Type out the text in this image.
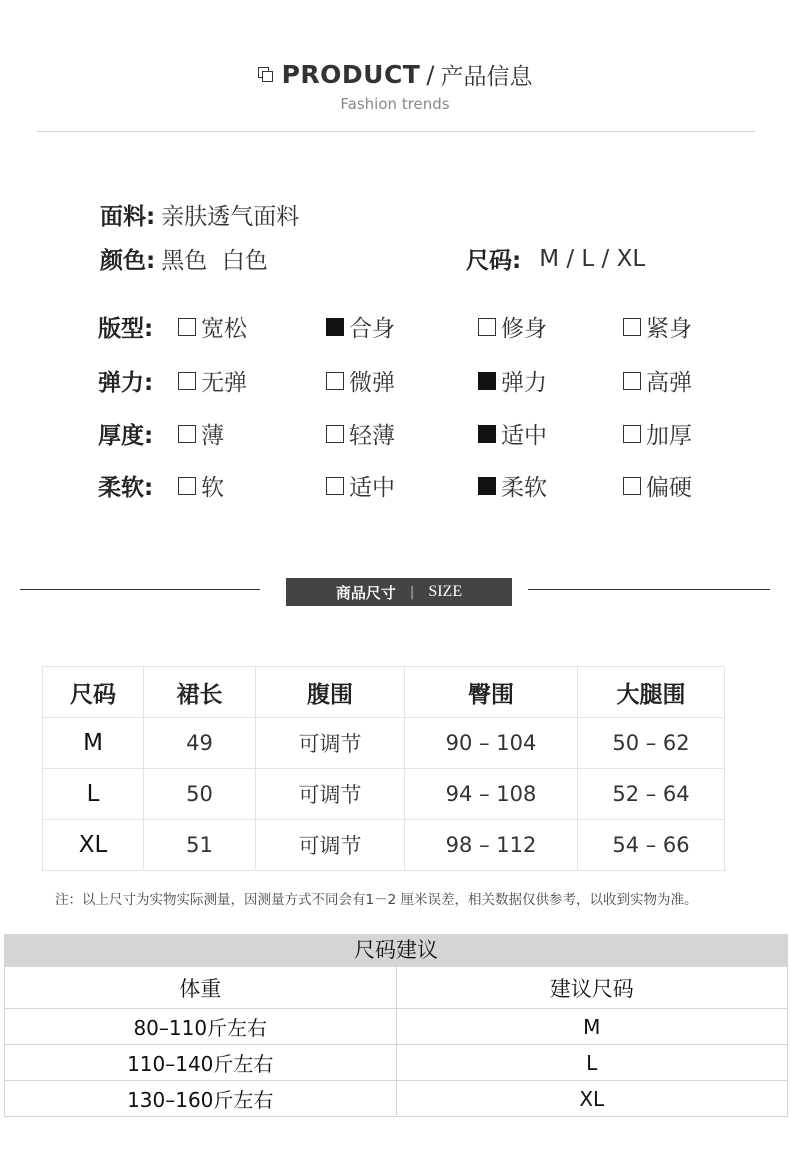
PRODUCT / 产品信息
Fashion trends
面料: 亲肤透气面料
颜色: 黑色  白色	尺码: M / L / XL
版型: 宽松	合身	修身	紧身
弹力: 无弹	微弹	弹力	高弹
厚度: 薄	轻薄	适中	加厚
柔软: 软	适中	柔软	偏硬
商品尺寸 | SIZE
尺码	裙长	腹围	臀围	大腿围
M	49	可调节	90 – 104	50 – 62
L	50	可调节	94 – 108	52 – 64
XL	51	可调节	98 – 112	54 – 66
注：以上尺寸为实物实际测量，因测量方式不同会有1－2 厘米误差，相关数据仅供参考，以收到实物为准。
尺码建议
体重	建议尺码
80–110斤左右	M
110–140斤左右	L
130–160斤左右	XL
